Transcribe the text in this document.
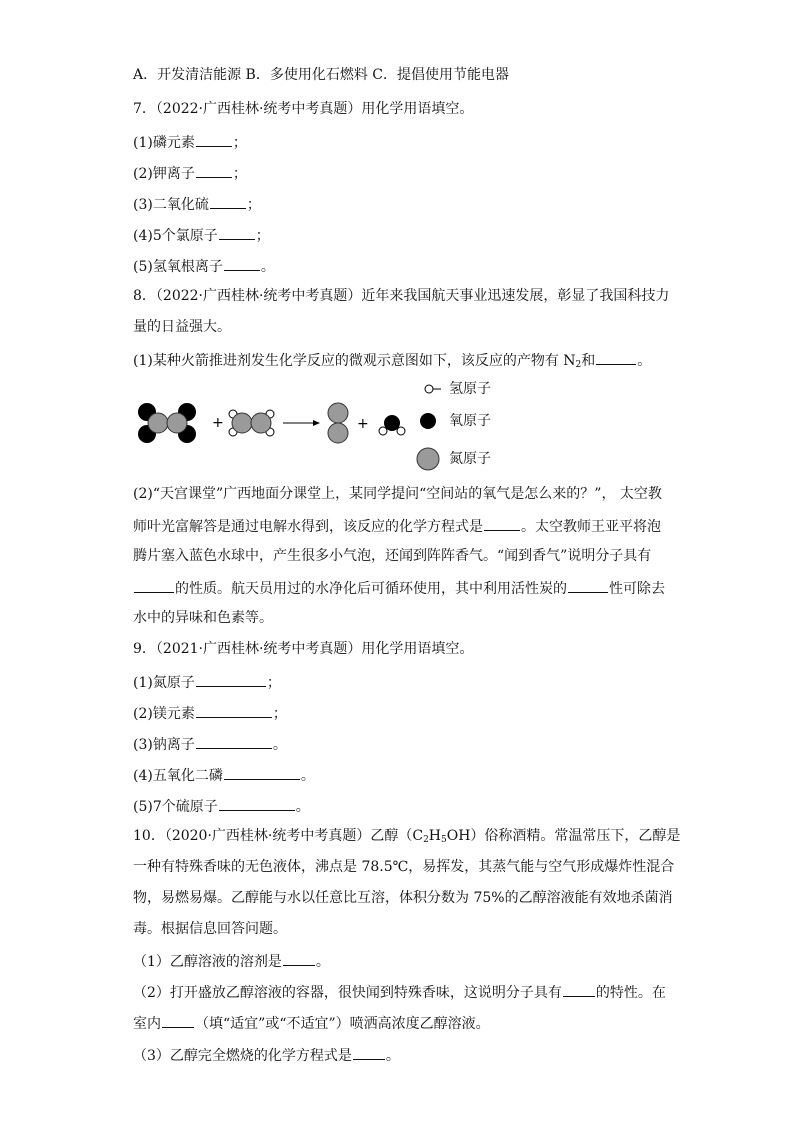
A．开发清洁能源 B．多使用化石燃料 C．提倡使用节能电器
7．（2022·广西桂林·统考中考真题）用化学用语填空。
(1)磷元素	；
(2)钾离子	；
(3)二氧化硫	；
(4)5个氯原子	；
(5)氢氧根离子	。
8．（2022·广西桂林·统考中考真题）近年来我国航天事业迅速发展，彰显了我国科技力
量的日益强大。
(1)某种火箭推进剂发生化学反应的微观示意图如下，该反应的产物有 $N_2$和	。
+	+
氢原子
氧原子
氮原子
(2)“天宫课堂”广西地面分课堂上，某同学提问“空间站的氧气是怎么来的？”， 太空教
师叶光富解答是通过电解水得到，该反应的化学方程式是	。太空教师王亚平将泡
腾片塞入蓝色水球中，产生很多小气泡，还闻到阵阵香气。“闻到香气”说明分子具有
的性质。航天员用过的水净化后可循环使用，其中利用活性炭的	性可除去
水中的异味和色素等。
9．（2021·广西桂林·统考中考真题）用化学用语填空。
(1)氮原子	；
(2)镁元素	；
(3)钠离子	。
(4)五氧化二磷	。
(5)7个硫原子	。
10．（2020·广西桂林·统考中考真题）乙醇$(C_2H_5OH)$俗称酒精。常温常压下，乙醇是
一种有特殊香味的无色液体，沸点是 78.5℃，易挥发，其蒸气能与空气形成爆炸性混合
物，易燃易爆。乙醇能与水以任意比互溶，体积分数为 75%的乙醇溶液能有效地杀菌消
毒。根据信息回答问题。
（1）乙醇溶液的溶剂是 。
（2）打开盛放乙醇溶液的容器，很快闻到特殊香味，这说明分子具有 的特性。在
室内 （填“适宜”或“不适宜”）喷洒高浓度乙醇溶液。
（3）乙醇完全燃烧的化学方程式是 。
